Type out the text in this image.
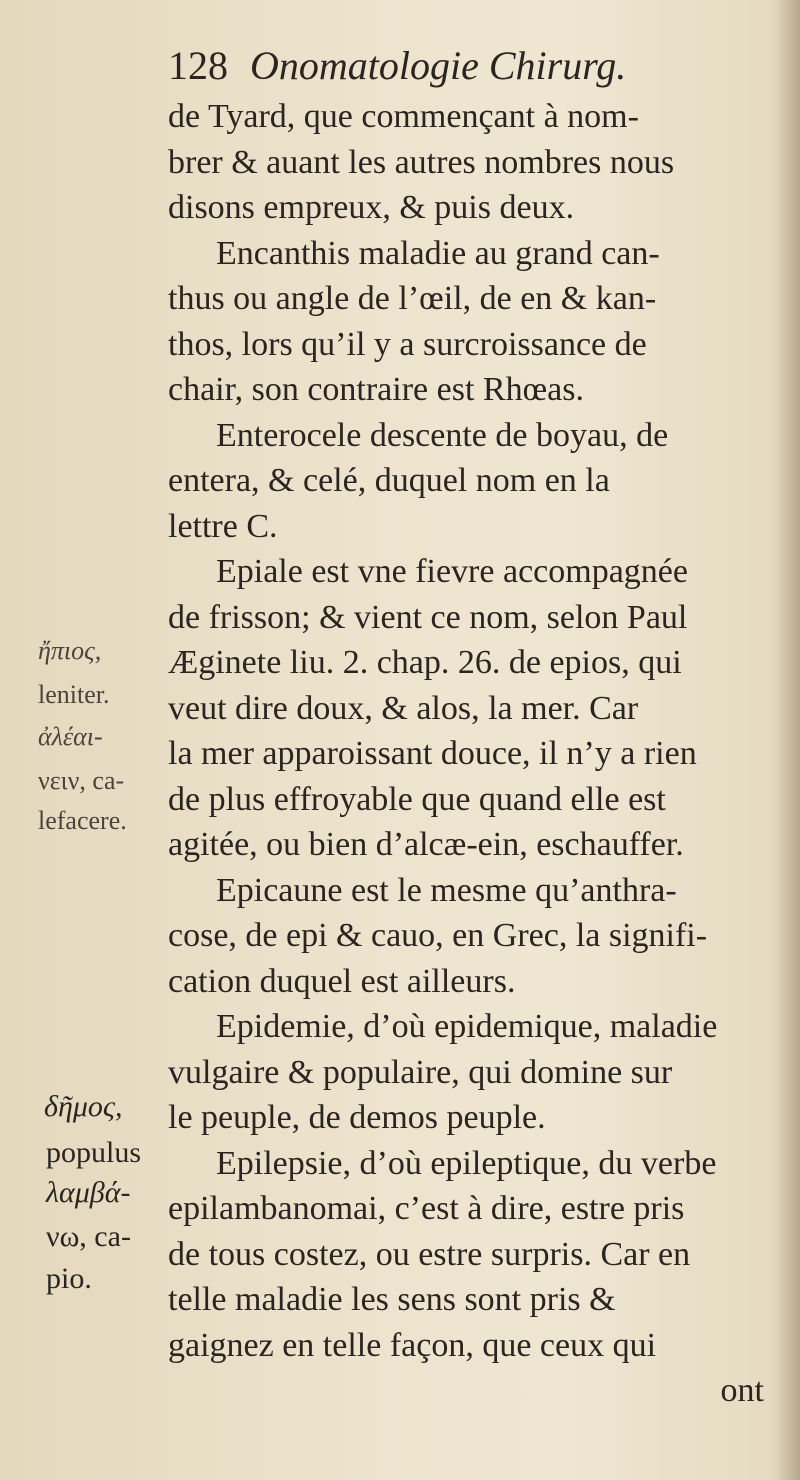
128 Onomatologie Chirurg.
de Tyard, que commençant à nom-
brer & auant les autres nombres nous
disons empreux, & puis deux.
Encanthis maladie au grand can-
thus ou angle de l’œil, de en & kan-
thos, lors qu’il y a surcroissance de
chair, son contraire est Rhœas.
Enterocele descente de boyau, de
entera, & celé, duquel nom en la
lettre C.
Epiale est vne fievre accompagnée
de frisson; & vient ce nom, selon Paul
Æginete liu. 2. chap. 26. de epios, qui
veut dire doux, & alos, la mer. Car
la mer apparoissant douce, il n’y a rien
de plus effroyable que quand elle est
agitée, ou bien d’alcæ-ein, eschauffer.
Epicaune est le mesme qu’anthra-
cose, de epi & cauo, en Grec, la signifi-
cation duquel est ailleurs.
Epidemie, d’où epidemique, maladie
vulgaire & populaire, qui domine sur
le peuple, de demos peuple.
Epilepsie, d’où epileptique, du verbe
epilambanomai, c’est à dire, estre pris
de tous costez, ou estre surpris. Car en
telle maladie les sens sont pris &
gaignez en telle façon, que ceux qui
ont
ἤπιος,
leniter.
ἀλέαι-
νειν, ca-
lefacere.
δῆμος,
populus
λαμβά-
νω, ca-
pio.
